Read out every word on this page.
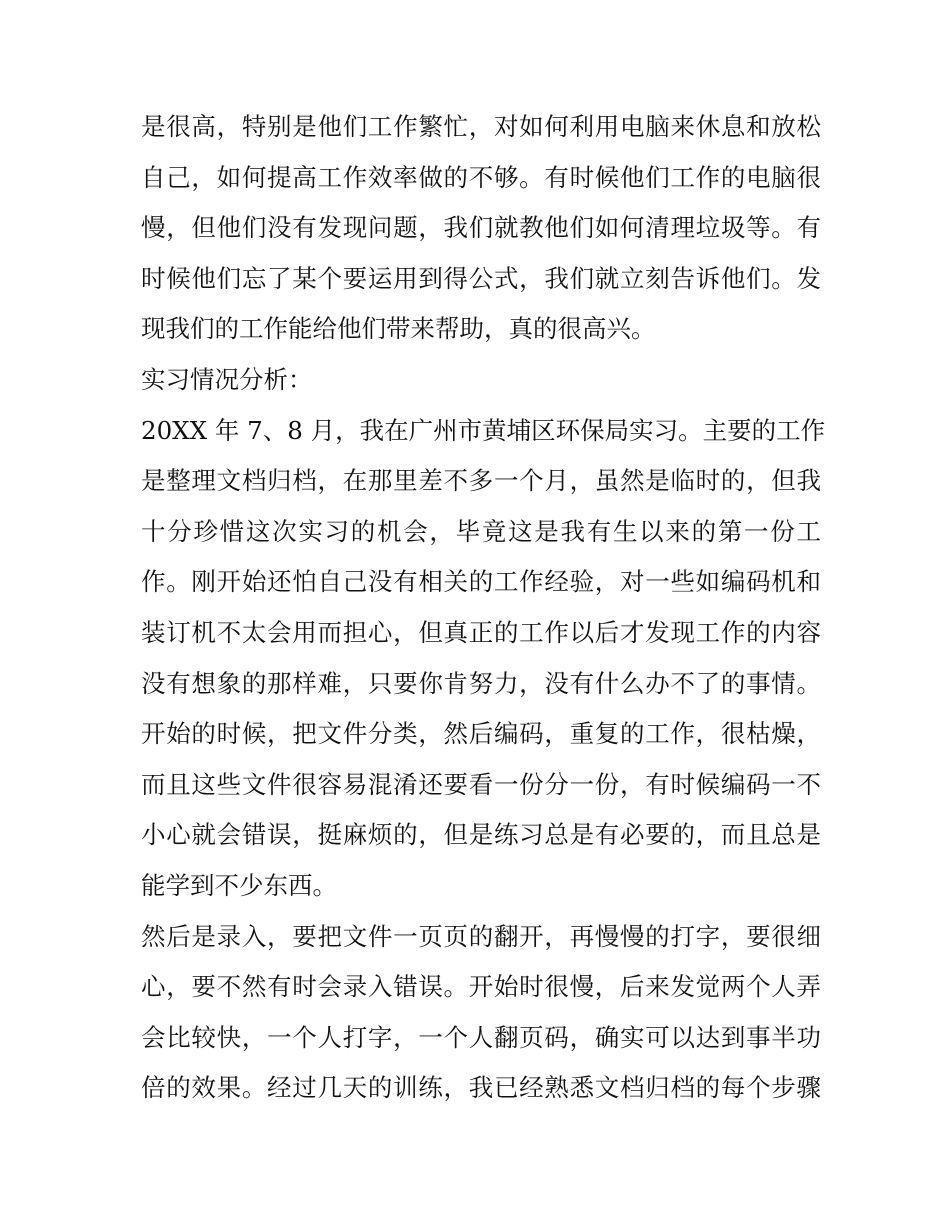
是很高，特别是他们工作繁忙，对如何利用电脑来休息和放松
自己，如何提高工作效率做的不够。有时候他们工作的电脑很
慢，但他们没有发现问题，我们就教他们如何清理垃圾等。有
时候他们忘了某个要运用到得公式，我们就立刻告诉他们。发
现我们的工作能给他们带来帮助，真的很高兴。
实习情况分析：
20XX 年 7、8 月，我在广州市黄埔区环保局实习。主要的工作
是整理文档归档，在那里差不多一个月，虽然是临时的，但我
十分珍惜这次实习的机会，毕竟这是我有生以来的第一份工
作。刚开始还怕自己没有相关的工作经验，对一些如编码机和
装订机不太会用而担心，但真正的工作以后才发现工作的内容
没有想象的那样难，只要你肯努力，没有什么办不了的事情。
开始的时候，把文件分类，然后编码，重复的工作，很枯燥，
而且这些文件很容易混淆还要看一份分一份，有时候编码一不
小心就会错误，挺麻烦的，但是练习总是有必要的，而且总是
能学到不少东西。
然后是录入，要把文件一页页的翻开，再慢慢的打字，要很细
心，要不然有时会录入错误。开始时很慢，后来发觉两个人弄
会比较快，一个人打字，一个人翻页码，确实可以达到事半功
倍的效果。经过几天的训练，我已经熟悉文档归档的每个步骤
